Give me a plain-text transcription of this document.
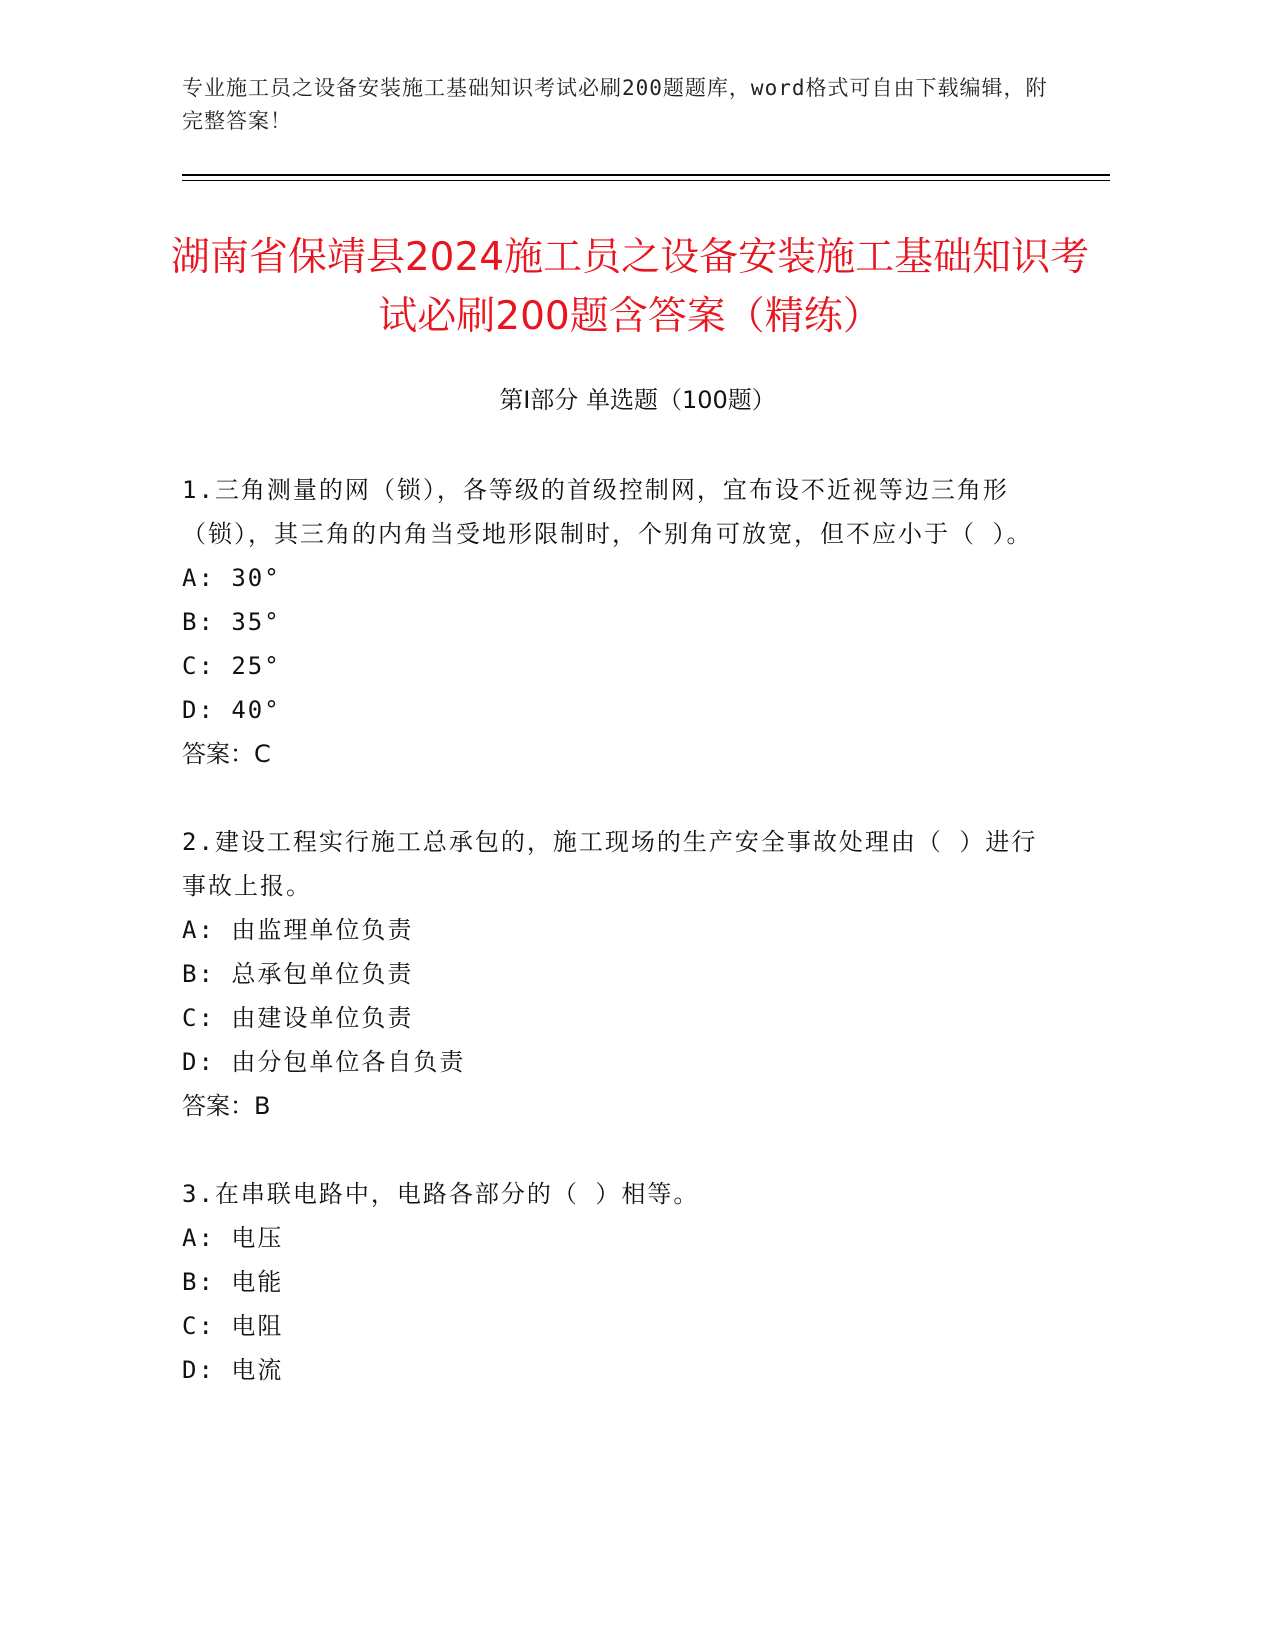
专业施工员之设备安装施工基础知识考试必刷200题题库，word格式可自由下载编辑，附完整答案！
湖南省保靖县2024施工员之设备安装施工基础知识考试必刷200题含答案（精练）
第Ⅰ部分 单选题（100题）

1.三角测量的网（锁），各等级的首级控制网，宜布设不近视等边三角形（锁），其三角的内角当受地形限制时，个别角可放宽，但不应小于（ ）。

A: 30°
B: 35°
C: 25°
D: 40°
答案：C

2.建设工程实行施工总承包的，施工现场的生产安全事故处理由（ ）进行事故上报。

A: 由监理单位负责
B: 总承包单位负责
C: 由建设单位负责
D: 由分包单位各自负责
答案：B

3.在串联电路中，电路各部分的（ ）相等。

A: 电压
B: 电能
C: 电阻
D: 电流
